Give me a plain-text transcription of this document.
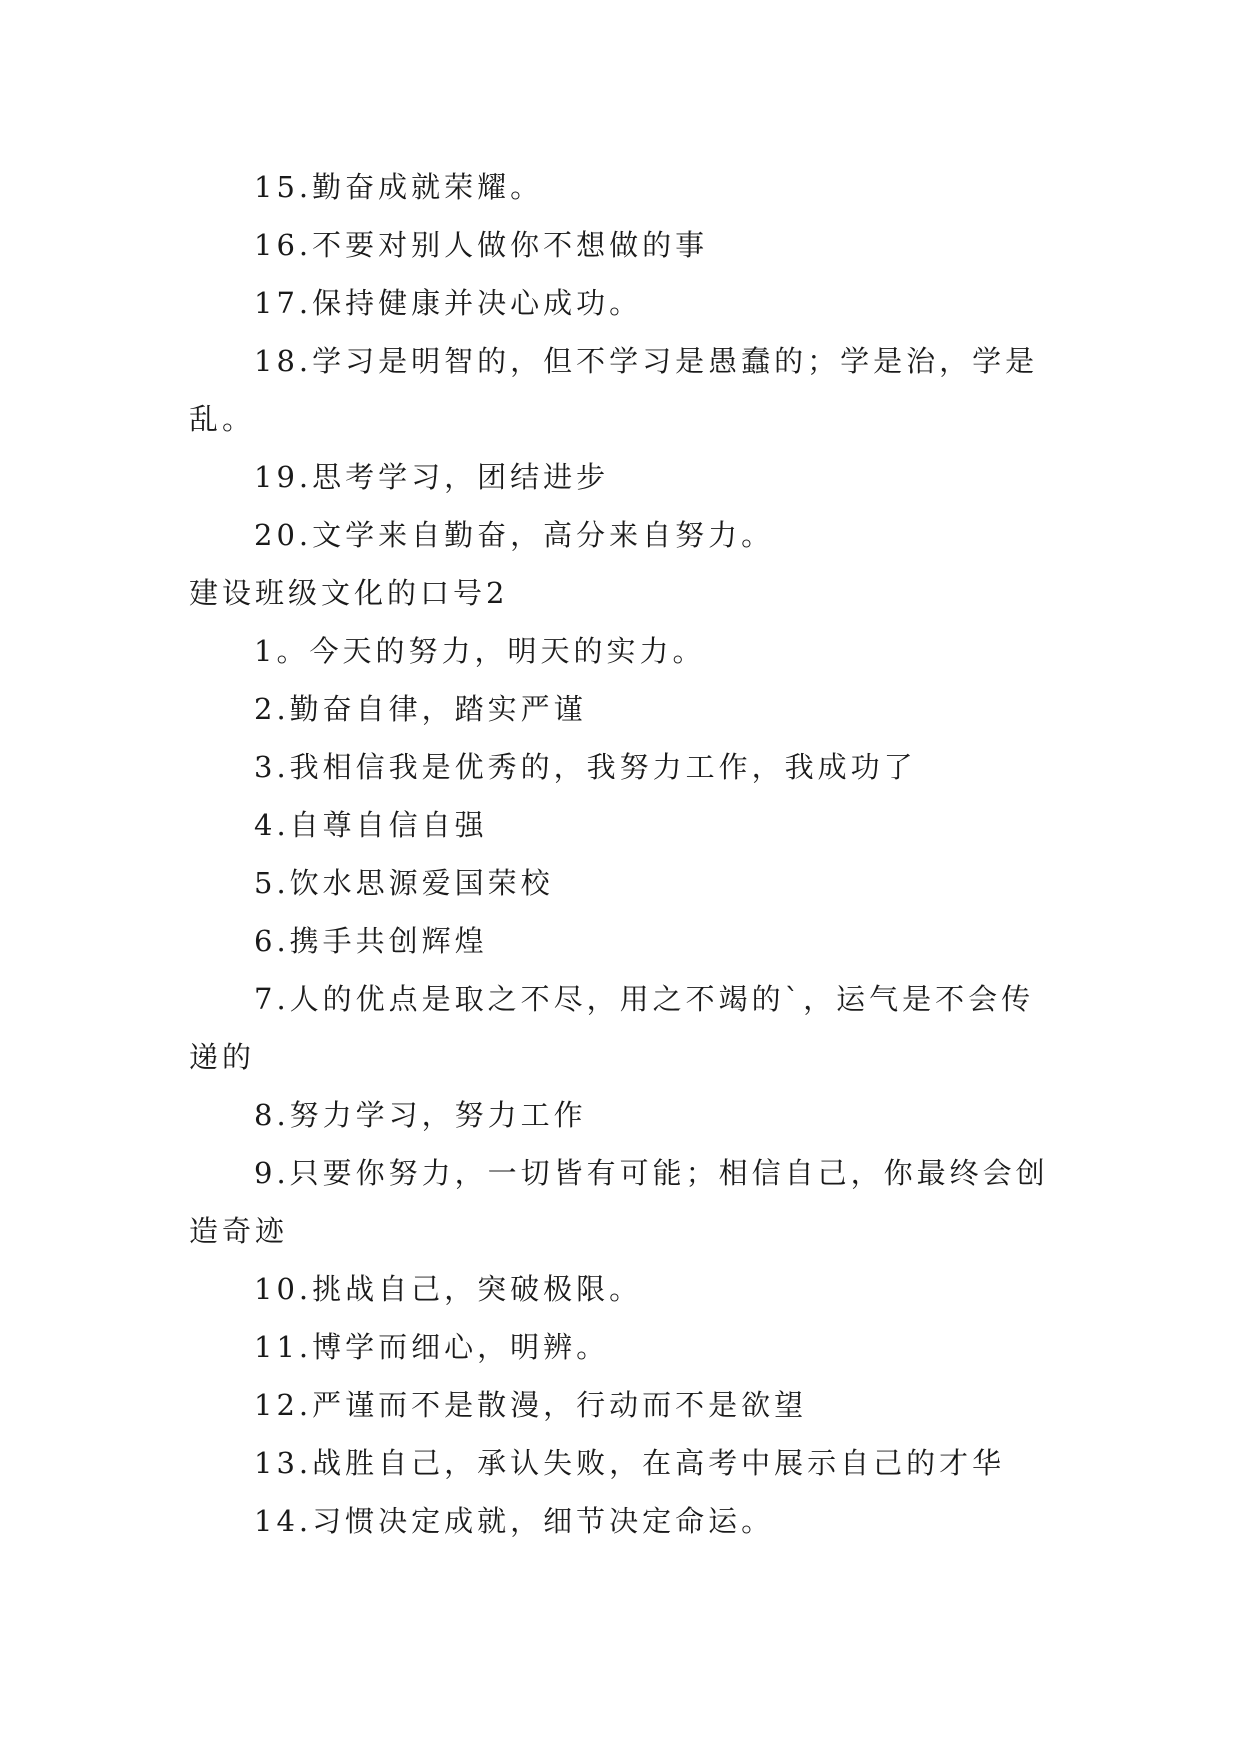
15.勤奋成就荣耀。
16.不要对别人做你不想做的事
17.保持健康并决心成功。
18.学习是明智的，但不学习是愚蠢的；学是治，学是
乱。
19.思考学习，团结进步
20.文学来自勤奋，高分来自努力。
建设班级文化的口号2
1。今天的努力，明天的实力。
2.勤奋自律，踏实严谨
3.我相信我是优秀的，我努力工作，我成功了
4.自尊自信自强
5.饮水思源爱国荣校
6.携手共创辉煌
7.人的优点是取之不尽，用之不竭的`，运气是不会传
递的
8.努力学习，努力工作
9.只要你努力，一切皆有可能；相信自己，你最终会创
造奇迹
10.挑战自己，突破极限。
11.博学而细心，明辨。
12.严谨而不是散漫，行动而不是欲望
13.战胜自己，承认失败，在高考中展示自己的才华
14.习惯决定成就，细节决定命运。
